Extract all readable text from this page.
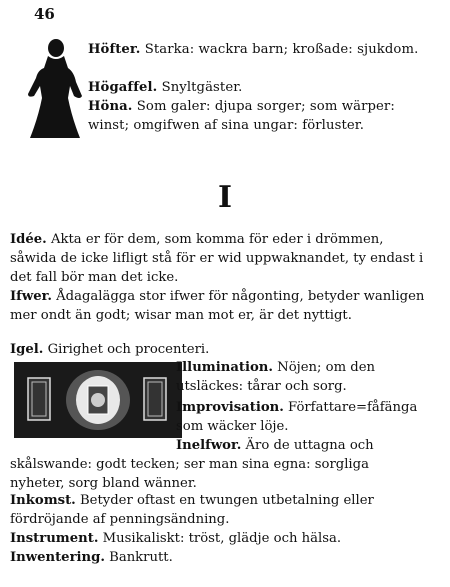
46
Höfter. Starka: wackra barn; kroßade: sjukdom.
Högaffel. Snyltgäster.
Höna. Som galer: djupa sorger; som wärper: winst; omgifwen af sina ungar: förluster.
I
Idée. Akta er för dem, som komma för eder i drömmen, såwida de icke lifligt stå för er wid uppwaknandet, ty endast i det fall bör man det icke.
Ifwer. Ådagalägga stor ifwer för någonting, betyder wanligen mer ondt än godt; wisar man mot er, är det nyttigt.
Igel. Girighet och procenteri.
Illumination. Nöjen; om den utsläckes: tårar och sorg.
Improvisation. Författare=fåfänga som wäcker löje.
Inelfwor. Äro de uttagna och
skålswande: godt tecken; ser man sina egna: sorgliga nyheter, sorg bland wänner.
Inkomst. Betyder oftast en twungen utbetalning eller fördröjande af penningsändning.
Instrument. Musikaliskt: tröst, glädje och hälsa.
Inwentering. Bankrutt.
